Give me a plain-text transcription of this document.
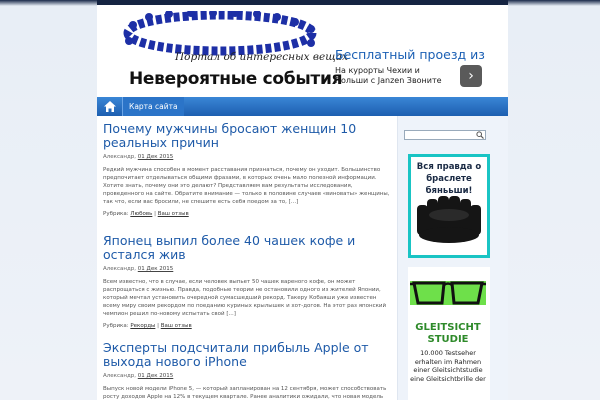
Портал об интересных вещах
Невероятные события
Бесплатный проезд из
На курорты Чехии и Польши с Janzen Звоните	›
Карта сайта
Почему мужчины бросают женщин 10 реальных причин
Александр, 01 Дек 2015
Редкий мужчина способен в момент расставания признаться, почему он уходит. Большинство предпочитает отделываться общими фразами, в которых очень мало полезной информации. Хотите знать, почему они это делают? Представляем вам результаты исследования, проведенного на сайте. Обратите внимание — только в половине случаев «виноваты» женщины, так что, если вас бросили, не спешите есть себя поедом за то, [...]
Рубрика: Любовь | Ваш отзыв
Японец выпил более 40 чашек кофе и остался жив
Александр, 01 Дек 2015
Всем известно, что в случае, если человек выпьет 50 чашек вареного кофе, он может распрощаться с жизнью. Правда, подобные теории не остановили одного из жителей Японии, который мечтал установить очередной сумасшедший рекорд. Такеру Кобаяши уже известен всему миру своим рекордом по поеданию куриных крылышек и хот-догов. На этот раз японский чемпион решил по-новому испытать свой [...]
Рубрика: Рекорды | Ваш отзыв
Эксперты подсчитали прибыль Apple от выхода нового iPhone
Александр, 01 Дек 2015
Выпуск новой модели iPhone 5, — который запланирован на 12 сентября, может способствовать росту доходов Apple на 12% в текущем квартале. Ранее аналитики ожидали, что новая модель
Вся правда о браслете бянььши!
GLEITSICHT STUDIE
10.000 Testseher erhalten im Rahmen einer Gleitsichtstudie eine Gleitsichtbrille der
